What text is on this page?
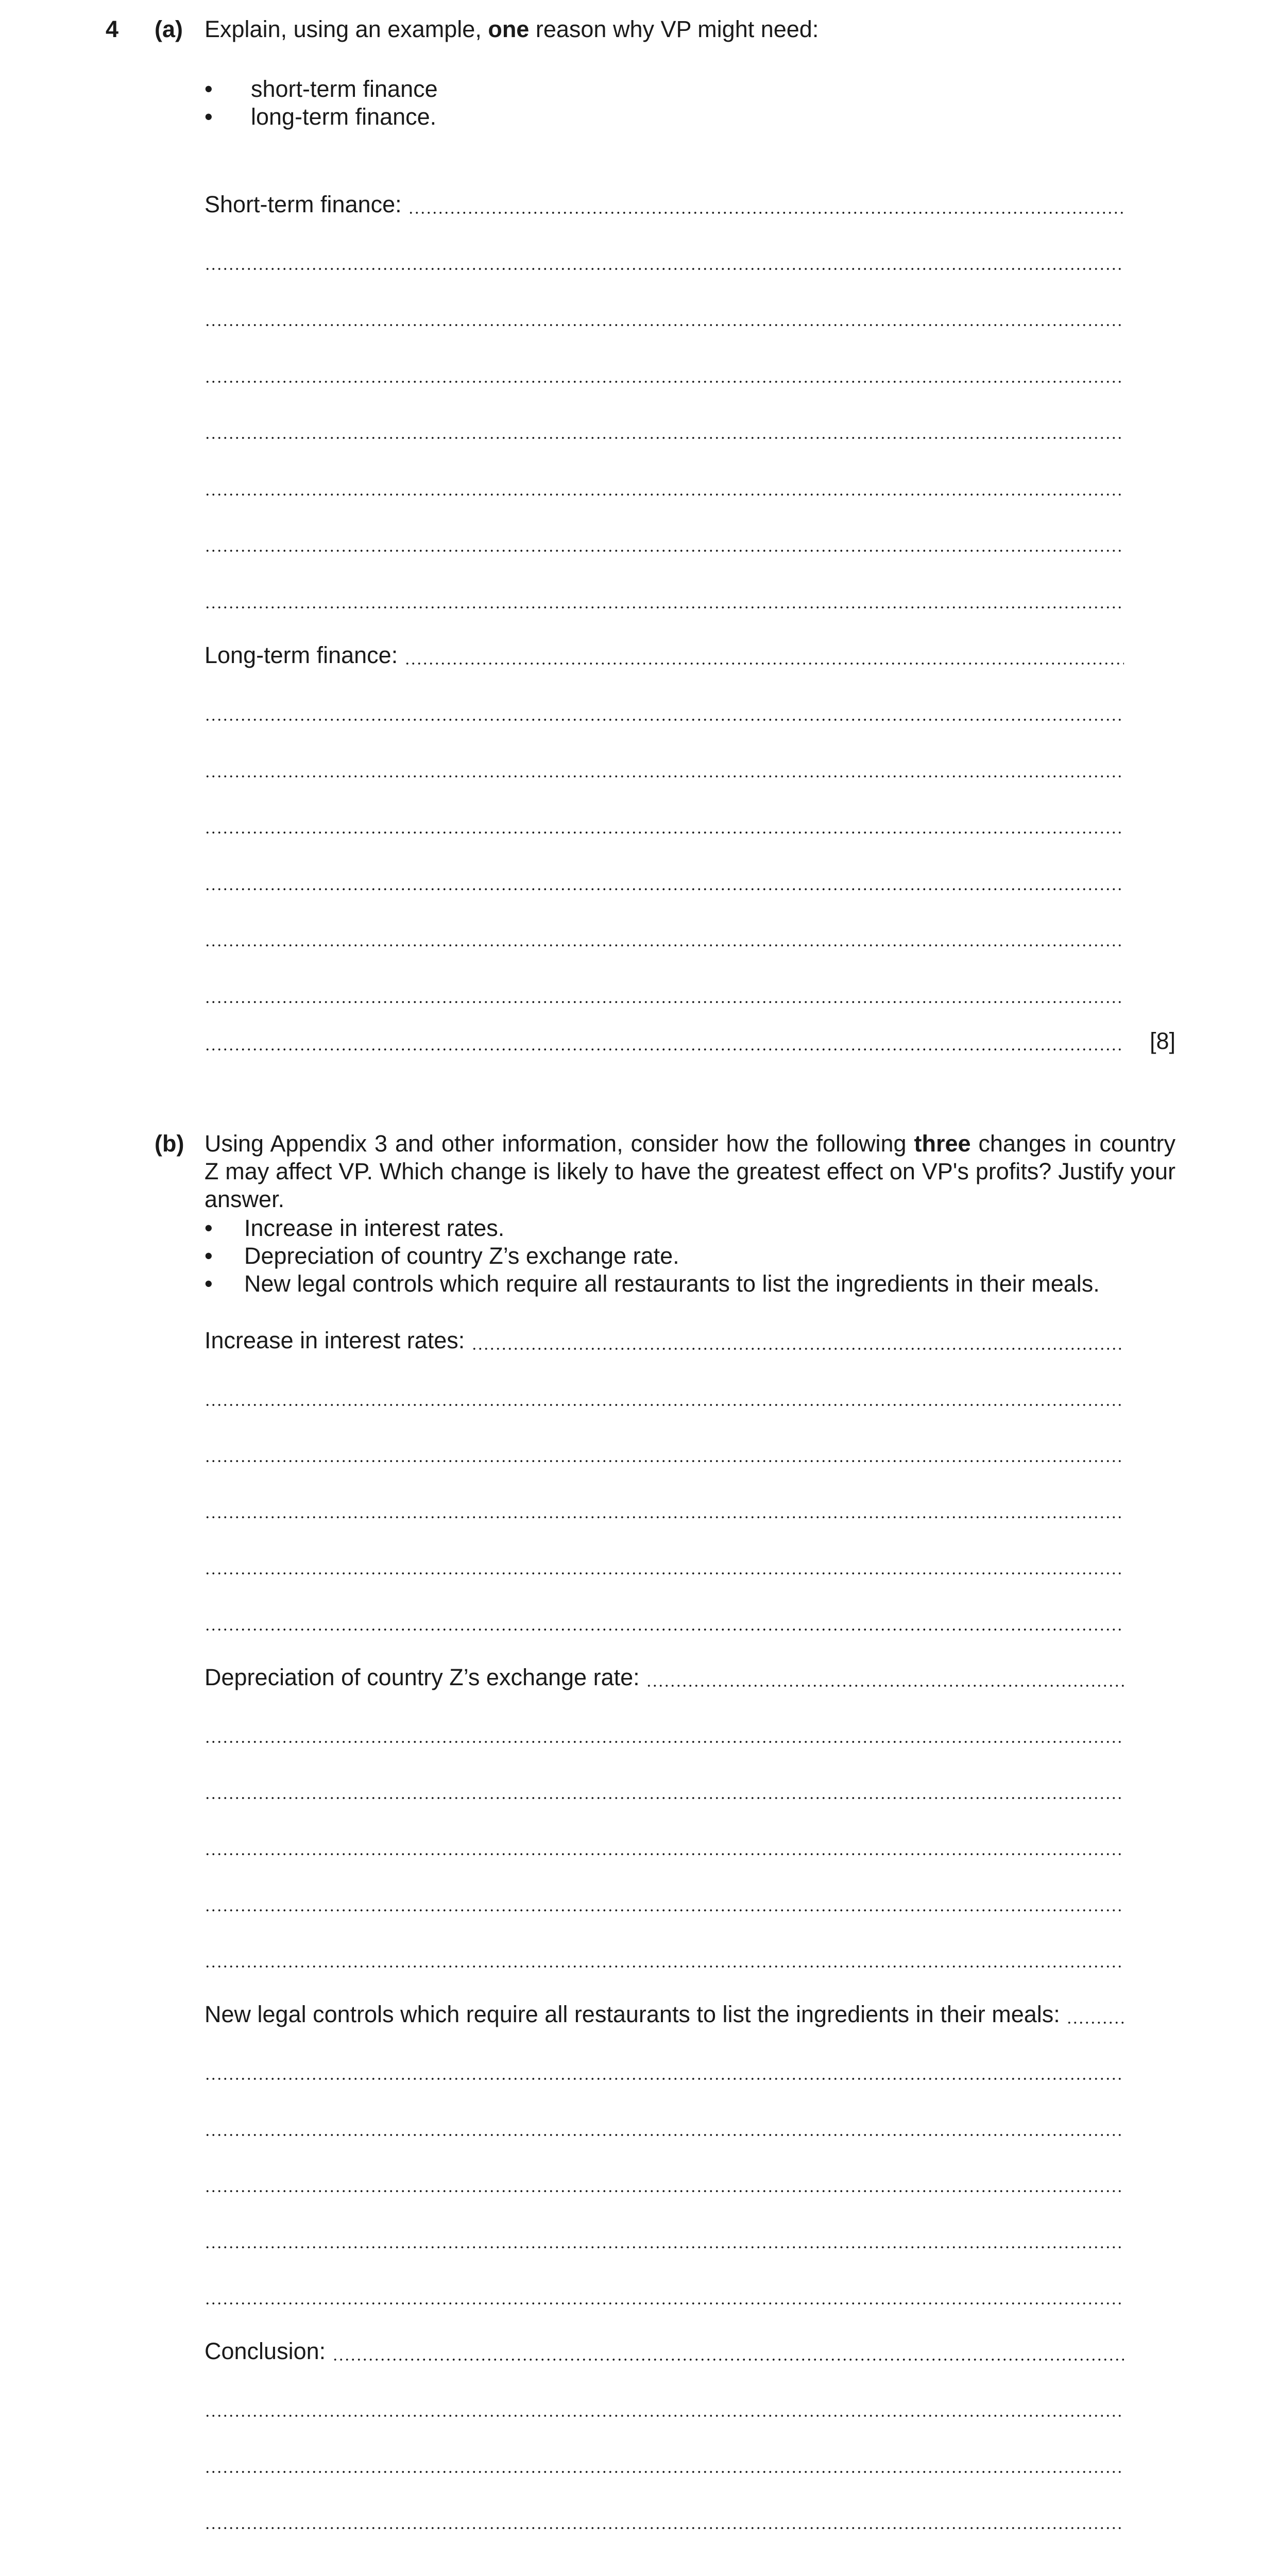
4 (a) Explain, using an example, one reason why VP might need:
•	short-term finance
•	long-term finance.
Short-term finance:
Long-term finance:
[8]
(b) Using Appendix 3 and other information, consider how the following three changes in country Z may affect VP. Which change is likely to have the greatest effect on VP's profits? Justify your answer.
•	Increase in interest rates.
•	Depreciation of country Z’s exchange rate.
•	New legal controls which require all restaurants to list the ingredients in their meals.
Increase in interest rates:
Depreciation of country Z’s exchange rate:
New legal controls which require all restaurants to list the ingredients in their meals:
Conclusion:
